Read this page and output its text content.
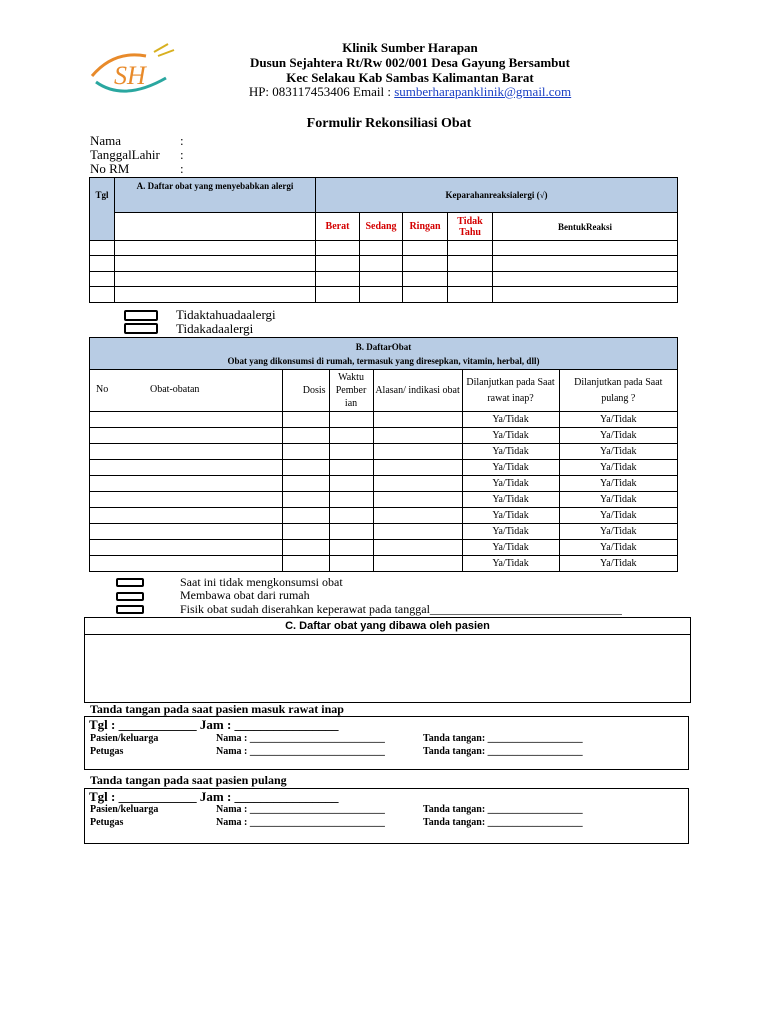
SH
Klinik Sumber Harapan
Dusun Sejahtera Rt/Rw 002/001 Desa Gayung Bersambut
Kec Selakau Kab Sambas Kalimantan Barat
HP: 083117453406 Email : sumberharapanklinik@gmail.com
Formulir Rekonsiliasi Obat
Nama	:
TanggalLahir :
No RM	:
Tgl	A. Daftar obat yang menyebabkan alergi	Keparahanreaksialergi (√)				
		Berat	Sedang	Ringan	Tidak Tahu	BentukReaksi

Tidaktahuadaalergi
Tidakadaalergi
B. DaftarObat
Obat yang dikonsumsi di rumah, termasuk yang diresepkan, vitamin, herbal, dll)					

No Obat-obatan	Dosis	Waktu Pember ian	Alasan/ indikasi obat	Dilanjutkan pada Saat rawat inap?	Dilanjutkan pada Saat pulang ?
				Ya/Tidak	Ya/Tidak
				Ya/Tidak	Ya/Tidak
				Ya/Tidak	Ya/Tidak
				Ya/Tidak	Ya/Tidak
				Ya/Tidak	Ya/Tidak
				Ya/Tidak	Ya/Tidak
				Ya/Tidak	Ya/Tidak
				Ya/Tidak	Ya/Tidak
				Ya/Tidak	Ya/Tidak
				Ya/Tidak	Ya/Tidak
Saat ini tidak mengkonsumsi obat
Membawa obat dari rumah
Fisik obat sudah diserahkan keperawat pada tanggal________________________________
C. Daftar obat yang dibawa oleh pasien
Tanda tangan pada saat pasien masuk rawat inap
Tgl : ____________ Jam : ________________
Pasien/keluarga	Nama : ___________________________	Tanda tangan: ___________________
Petugas	Nama : ___________________________	Tanda tangan: ___________________
Tanda tangan pada saat pasien pulang
Tgl : ____________ Jam : ________________
Pasien/keluarga	Nama : ___________________________	Tanda tangan: ___________________
Petugas	Nama : ___________________________	Tanda tangan: ___________________
